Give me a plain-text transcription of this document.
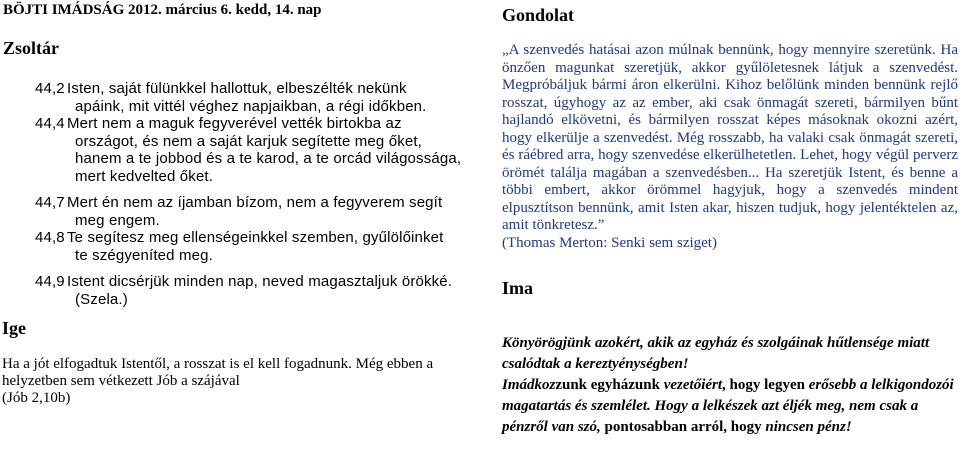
BÖJTI IMÁDSÁG 2012. március 6. kedd, 14. nap
Zsoltár
44,2 Isten, saját fülünkkel hallottuk, elbeszélték nekünk
apáink, mit vittél véghez napjaikban, a régi időkben.
44,4 Mert nem a maguk fegyverével vették birtokba az
országot, és nem a saját karjuk segítette meg őket, hanem a te jobbod és a te karod, a te orcád világossága, mert kedvelted őket.
44,7 Mert én nem az íjamban bízom, nem a fegyverem segít
meg engem.
44,8 Te segítesz meg ellenségeinkkel szemben, gyűlölőinket
te szégyeníted meg.
44,9 Istent dicsérjük minden nap, neved magasztaljuk örökké.
(Szela.)
Ige
Ha a jót elfogadtuk Istentől, a rosszat is el kell fogadnunk. Még ebben a helyzetben sem vétkezett Jób a szájával
(Jób 2,10b)
Gondolat
„A szenvedés hatásai azon múlnak bennünk, hogy mennyire szeretünk. Ha önzően magunkat szeretjük, akkor gyűlöletesnek látjuk a szenvedést. Megpróbáljuk bármi áron elkerülni. Kihoz belőlünk minden bennünk rejlő rosszat, úgyhogy az az ember, aki csak önmagát szereti, bármilyen bűnt hajlandó elkövetni, és bármilyen rosszat képes másoknak okozni azért, hogy elkerülje a szenvedést. Még rosszabb, ha valaki csak önmagát szereti, és ráébred arra, hogy szenvedése elkerülhetetlen. Lehet, hogy végül perverz örömét találja magában a szenvedésben... Ha szeretjük Istent, és benne a többi embert, akkor örömmel hagyjuk, hogy a szenvedés mindent elpusztítson bennünk, amit Isten akar, hiszen tudjuk, hogy jelentéktelen az, amit tönkretesz.”
(Thomas Merton: Senki sem sziget)
Ima
Könyörögjünk azokért, akik az egyház és szolgáinak hűtlensége miatt csalódtak a kereztyénységben!
Imádkozzunk egyházunk vezetőiért, hogy legyen erősebb a lelkigondozói magatartás és szemlélet. Hogy a lelkészek azt éljék meg, nem csak a pénzről van szó, pontosabban arról, hogy nincsen pénz!
